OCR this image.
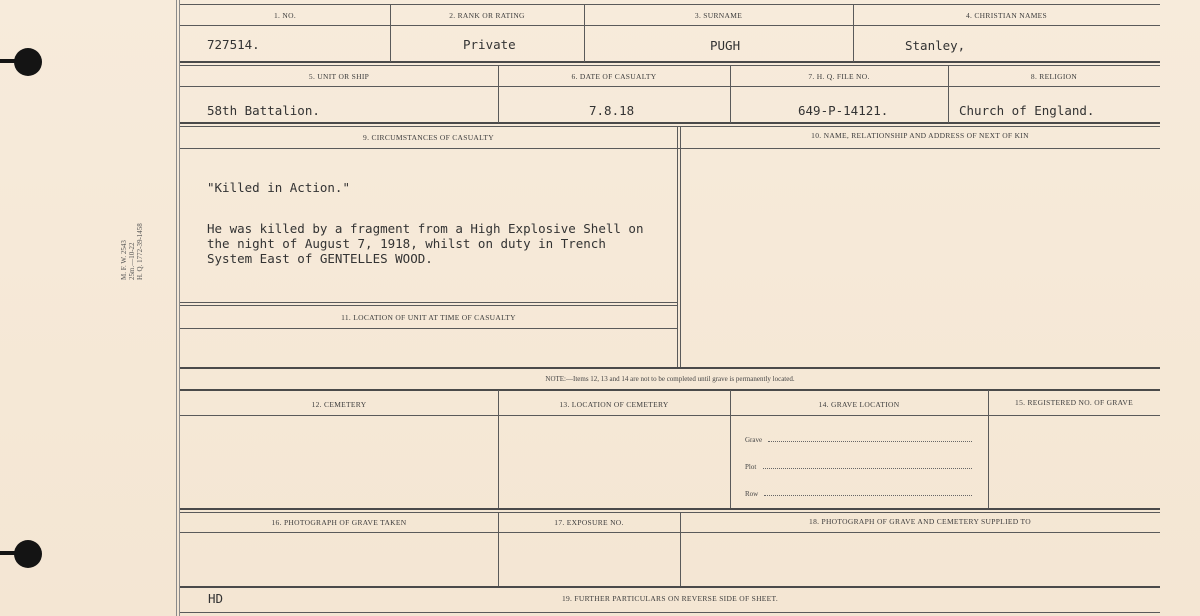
M. F. W. 2543 25m.—10-22 H. Q. 1772-39-1458
1. NO.	2. RANK OR RATING	3. SURNAME	4. CHRISTIAN NAMES
727514.	Private	PUGH	Stanley,
5. UNIT OR SHIP	6. DATE OF CASUALTY	7. H. Q. FILE NO.	8. RELIGION
58th Battalion.	7.8.18	649-P-14121.	Church of England.
9. CIRCUMSTANCES OF CASUALTY	10. NAME, RELATIONSHIP AND ADDRESS OF NEXT OF KIN
"Killed in Action."
He was killed by a fragment from a High Explosive Shell on
the night of August 7, 1918, whilst on duty in Trench
System East of GENTELLES WOOD.
11. LOCATION OF UNIT AT TIME OF CASUALTY
NOTE:—Items 12, 13 and 14 are not to be completed until grave is permanently located.
12. CEMETERY	13. LOCATION OF CEMETERY	14. GRAVE LOCATION	15. REGISTERED NO. OF GRAVE
Grave
Plot
Row
16. PHOTOGRAPH OF GRAVE TAKEN	17. EXPOSURE NO.	18. PHOTOGRAPH OF GRAVE AND CEMETERY SUPPLIED TO
HD	19. FURTHER PARTICULARS ON REVERSE SIDE OF SHEET.
